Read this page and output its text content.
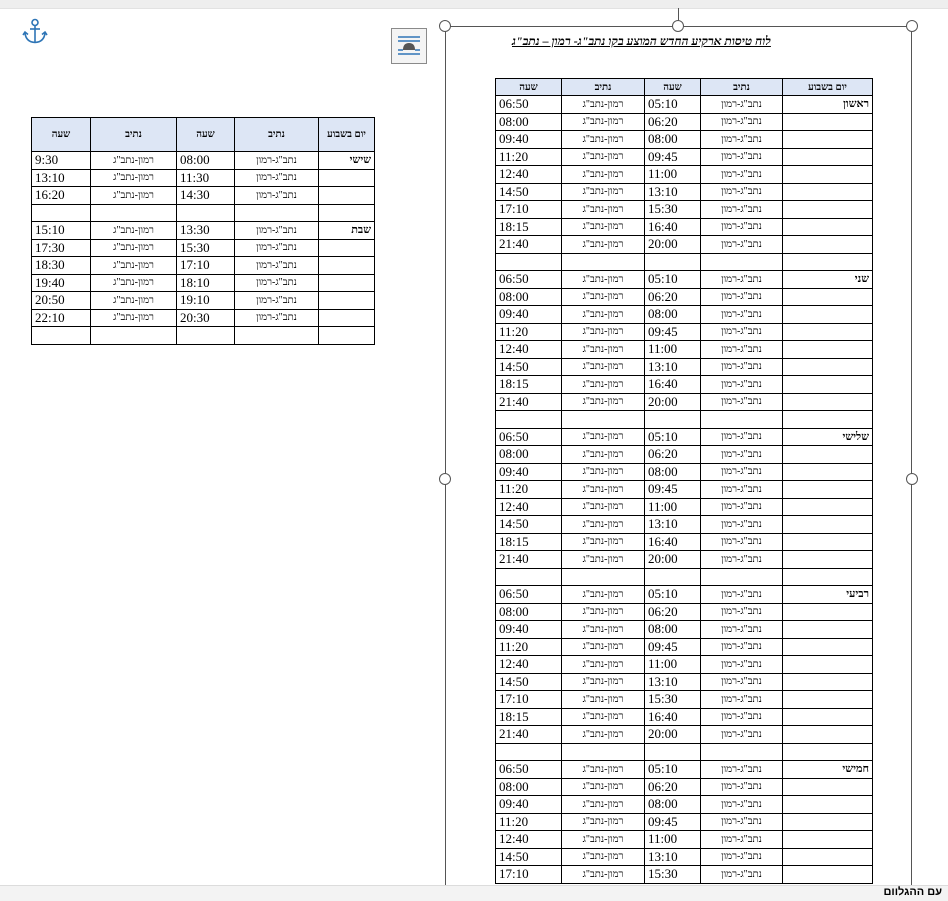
לוח טיסות ארקיע החדש המוצע בקו נתב"ג- רמון – נתב"ג
יום בשבוע	נתיב	שעה	נתיב	שעה
שישי	נתב"ג-רמון	08:00	רמון-נתב"ג	9:30
	נתב"ג-רמון	11:30	רמון-נתב"ג	13:10
	נתב"ג-רמון	14:30	רמון-נתב"ג	16:20

שבת	נתב"ג-רמון	13:30	רמון-נתב"ג	15:10
	נתב"ג-רמון	15:30	רמון-נתב"ג	17:30
	נתב"ג-רמון	17:10	רמון-נתב"ג	18:30
	נתב"ג-רמון	18:10	רמון-נתב"ג	19:40
	נתב"ג-רמון	19:10	רמון-נתב"ג	20:50
	נתב"ג-רמון	20:30	רמון-נתב"ג	22:10

יום בשבוע	נתיב	שעה	נתיב	שעה
ראשון	נתב"ג-רמון	05:10	רמון-נתב"ג	06:50
	נתב"ג-רמון	06:20	רמון-נתב"ג	08:00
	נתב"ג-רמון	08:00	רמון-נתב"ג	09:40
	נתב"ג-רמון	09:45	רמון-נתב"ג	11:20
	נתב"ג-רמון	11:00	רמון-נתב"ג	12:40
	נתב"ג-רמון	13:10	רמון-נתב"ג	14:50
	נתב"ג-רמון	15:30	רמון-נתב"ג	17:10
	נתב"ג-רמון	16:40	רמון-נתב"ג	18:15
	נתב"ג-רמון	20:00	רמון-נתב"ג	21:40

שני	נתב"ג-רמון	05:10	רמון-נתב"ג	06:50
	נתב"ג-רמון	06:20	רמון-נתב"ג	08:00
	נתב"ג-רמון	08:00	רמון-נתב"ג	09:40
	נתב"ג-רמון	09:45	רמון-נתב"ג	11:20
	נתב"ג-רמון	11:00	רמון-נתב"ג	12:40
	נתב"ג-רמון	13:10	רמון-נתב"ג	14:50
	נתב"ג-רמון	16:40	רמון-נתב"ג	18:15
	נתב"ג-רמון	20:00	רמון-נתב"ג	21:40

שלישי	נתב"ג-רמון	05:10	רמון-נתב"ג	06:50
	נתב"ג-רמון	06:20	רמון-נתב"ג	08:00
	נתב"ג-רמון	08:00	רמון-נתב"ג	09:40
	נתב"ג-רמון	09:45	רמון-נתב"ג	11:20
	נתב"ג-רמון	11:00	רמון-נתב"ג	12:40
	נתב"ג-רמון	13:10	רמון-נתב"ג	14:50
	נתב"ג-רמון	16:40	רמון-נתב"ג	18:15
	נתב"ג-רמון	20:00	רמון-נתב"ג	21:40

רביעי	נתב"ג-רמון	05:10	רמון-נתב"ג	06:50
	נתב"ג-רמון	06:20	רמון-נתב"ג	08:00
	נתב"ג-רמון	08:00	רמון-נתב"ג	09:40
	נתב"ג-רמון	09:45	רמון-נתב"ג	11:20
	נתב"ג-רמון	11:00	רמון-נתב"ג	12:40
	נתב"ג-רמון	13:10	רמון-נתב"ג	14:50
	נתב"ג-רמון	15:30	רמון-נתב"ג	17:10
	נתב"ג-רמון	16:40	רמון-נתב"ג	18:15
	נתב"ג-רמון	20:00	רמון-נתב"ג	21:40

חמישי	נתב"ג-רמון	05:10	רמון-נתב"ג	06:50
	נתב"ג-רמון	06:20	רמון-נתב"ג	08:00
	נתב"ג-רמון	08:00	רמון-נתב"ג	09:40
	נתב"ג-רמון	09:45	רמון-נתב"ג	11:20
	נתב"ג-רמון	11:00	רמון-נתב"ג	12:40
	נתב"ג-רמון	13:10	רמון-נתב"ג	14:50
	נתב"ג-רמון	15:30	רמון-נתב"ג	17:10
עם ההגלוום
